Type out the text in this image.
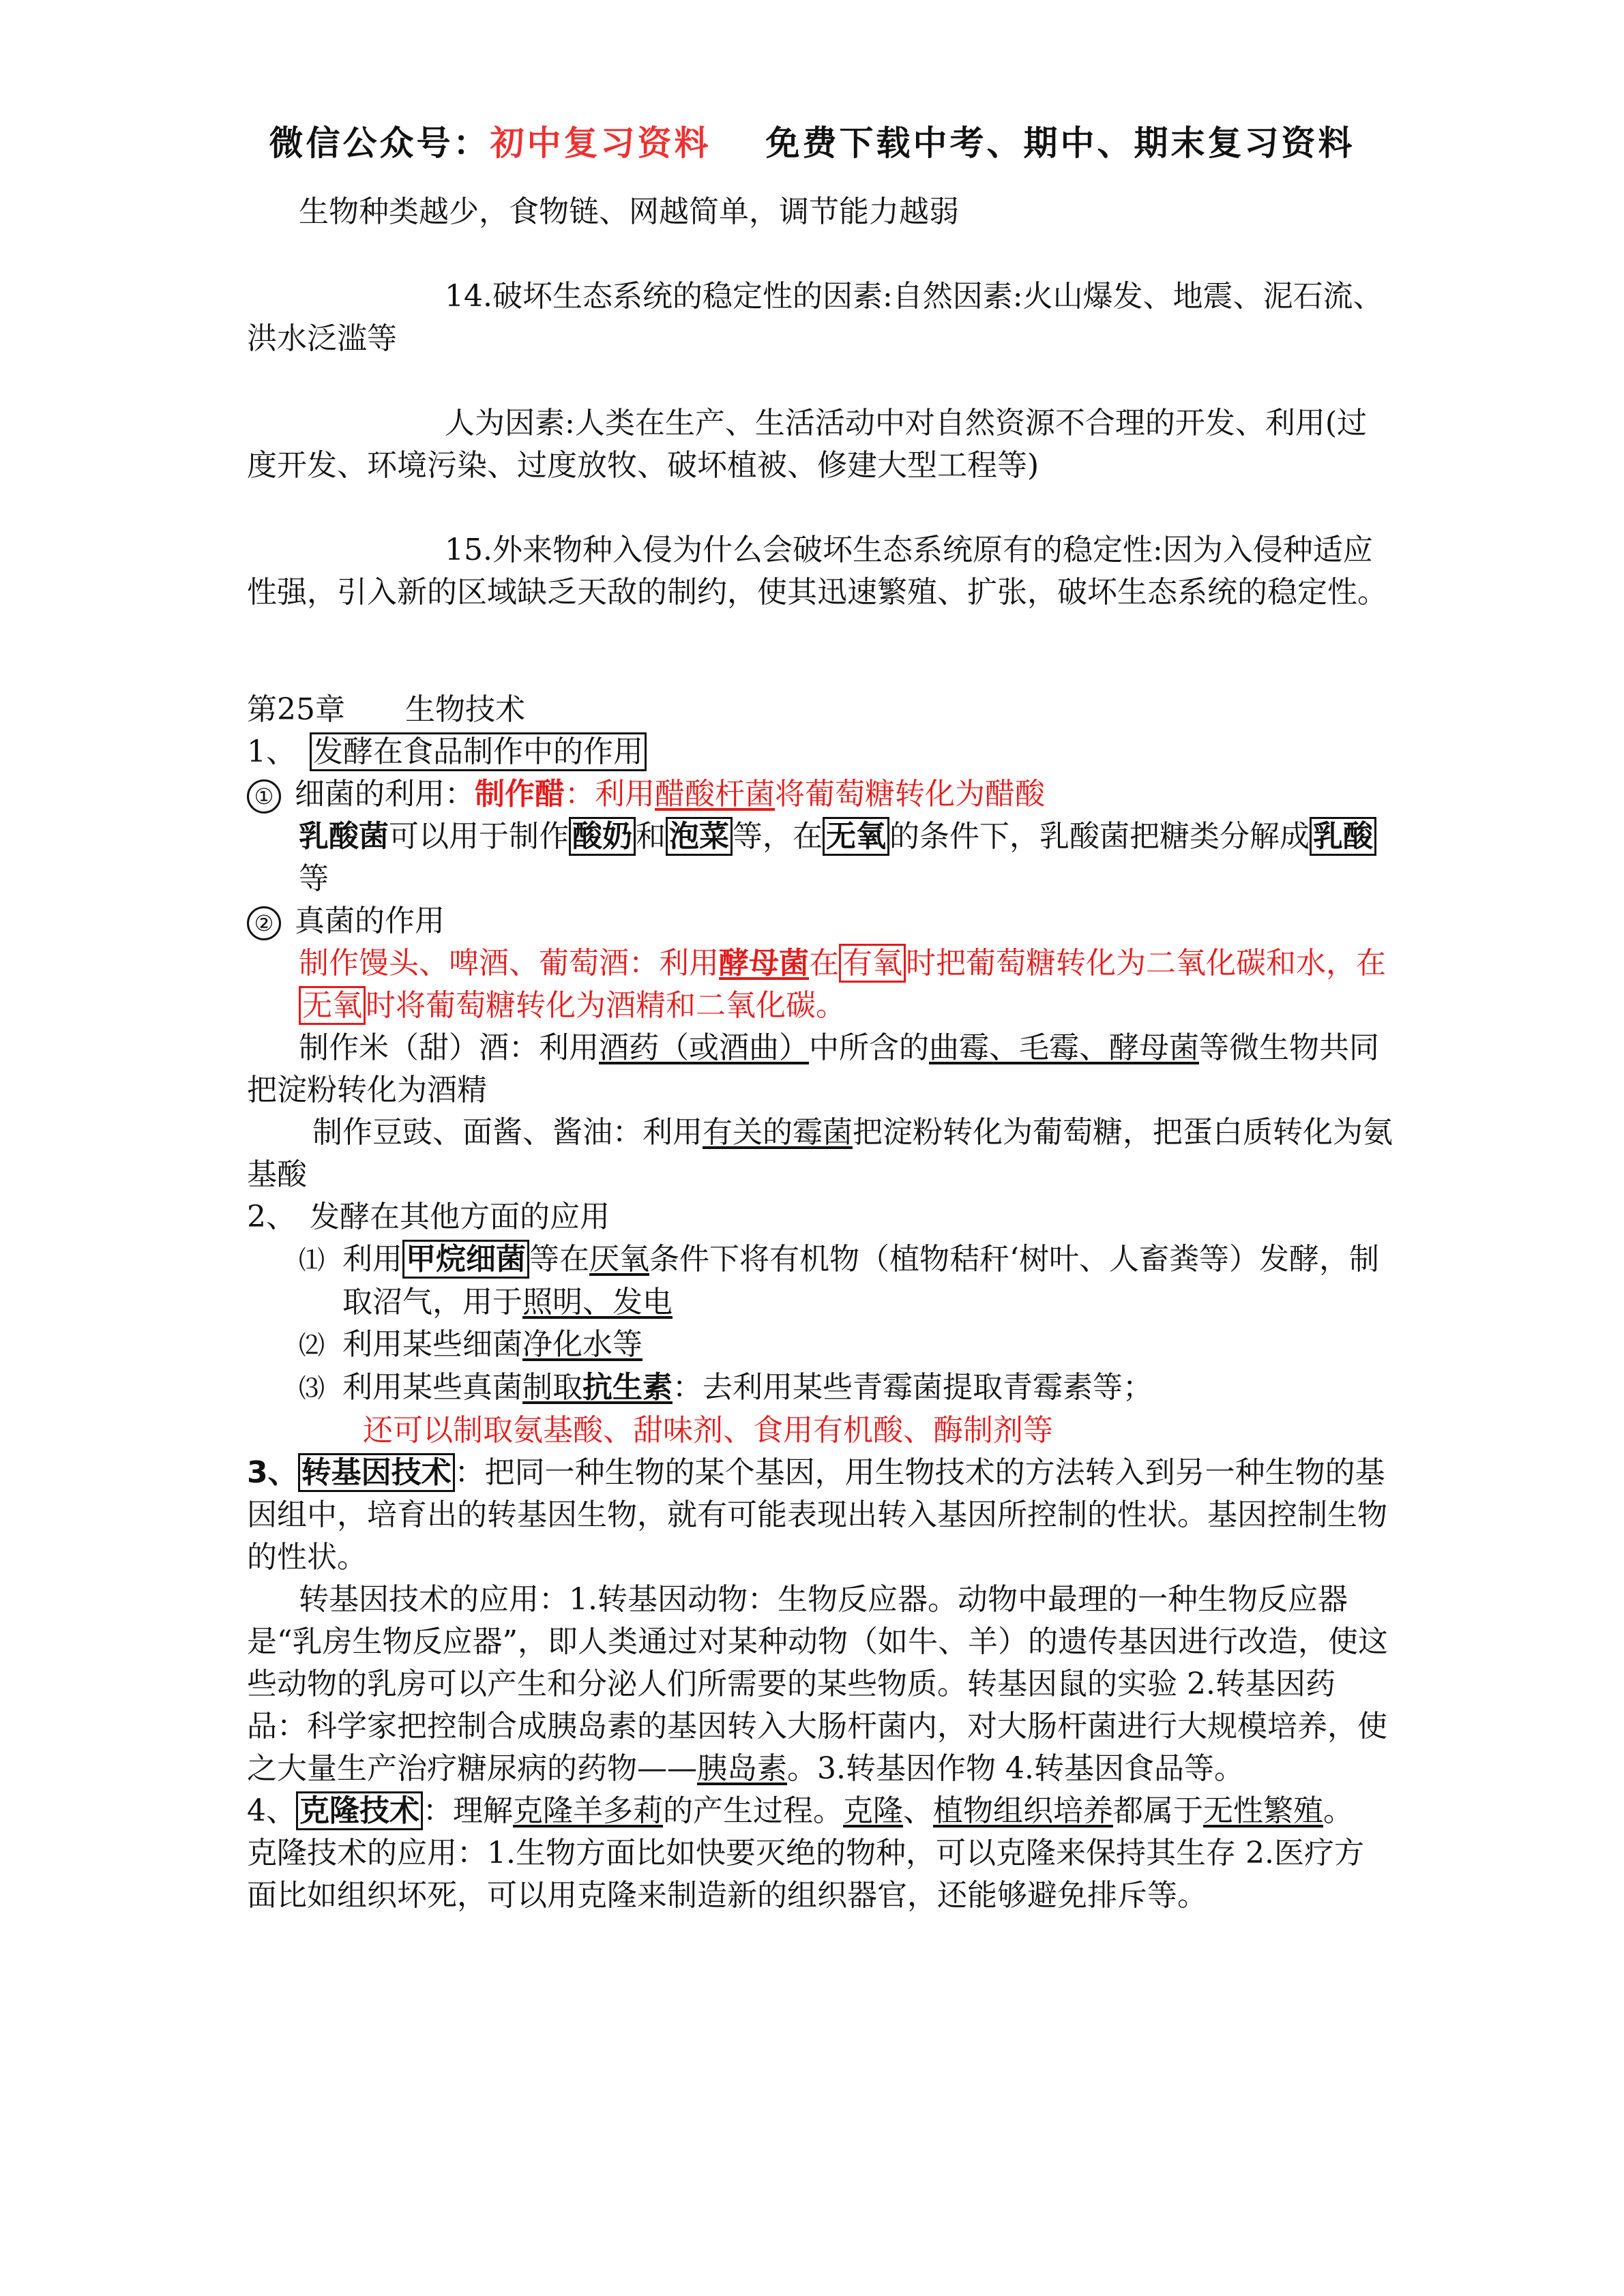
微信公众号：初中复习资料 免费下载中考、期中、期末复习资料

生物种类越少，食物链、网越简单，调节能力越弱

14.破坏生态系统的稳定性的因素:自然因素:火山爆发、地震、泥石流、洪水泛滥等

人为因素:人类在生产、生活活动中对自然资源不合理的开发、利用(过度开发、环境污染、过度放牧、破坏植被、修建大型工程等)

15.外来物种入侵为什么会破坏生态系统原有的稳定性:因为入侵种适应性强，引入新的区域缺乏天敌的制约，使其迅速繁殖、扩张，破坏生态系统的稳定性。

第25章 生物技术

1、 发酵在食品制作中的作用

① 细菌的利用：制作醋：利用醋酸杆菌将葡萄糖转化为醋酸

乳酸菌可以用于制作 酸奶 和 泡菜 等，在 无氧 的条件下，乳酸菌把糖类分解成 乳酸等

② 真菌的作用

制作馒头、啤酒、葡萄酒：利用酵母菌在 有氧 时把葡萄糖转化为二氧化碳和水，在无氧 时将葡萄糖转化为酒精和二氧化碳。

制作米（甜）酒：利用酒药（或酒曲）中所含的曲霉、毛霉、酵母菌等微生物共同把淀粉转化为酒精

制作豆豉、面酱、酱油：利用有关的霉菌把淀粉转化为葡萄糖，把蛋白质转化为氨基酸

2、 发酵在其他方面的应用

⑴ 利用 甲烷细菌 等在厌氧条件下将有机物（植物秸秆‘树叶、人畜粪等）发酵，制取沼气，用于照明、发电

⑵ 利用某些细菌净化水等

⑶ 利用某些真菌制取抗生素：去利用某些青霉菌提取青霉素等；

还可以制取氨基酸、甜味剂、食用有机酸、酶制剂等

3、 转基因技术 ：把同一种生物的某个基因，用生物技术的方法转入到另一种生物的基因组中，培育出的转基因生物，就有可能表现出转入基因所控制的性状。基因控制生物的性状。

转基因技术的应用：1.转基因动物：生物反应器。动物中最理的一种生物反应器是“乳房生物反应器”，即人类通过对某种动物（如牛、羊）的遗传基因进行改造，使这些动物的乳房可以产生和分泌人们所需要的某些物质。转基因鼠的实验 2.转基因药品：科学家把控制合成胰岛素的基因转入大肠杆菌内，对大肠杆菌进行大规模培养，使之大量生产治疗糖尿病的药物——胰岛素。3.转基因作物 4.转基因食品等。

4、 克隆技术 ：理解克隆羊多莉的产生过程。克隆、植物组织培养都属于无性繁殖。

克隆技术的应用：1.生物方面比如快要灭绝的物种，可以克隆来保持其生存 2.医疗方面比如组织坏死，可以用克隆来制造新的组织器官，还能够避免排斥等。
